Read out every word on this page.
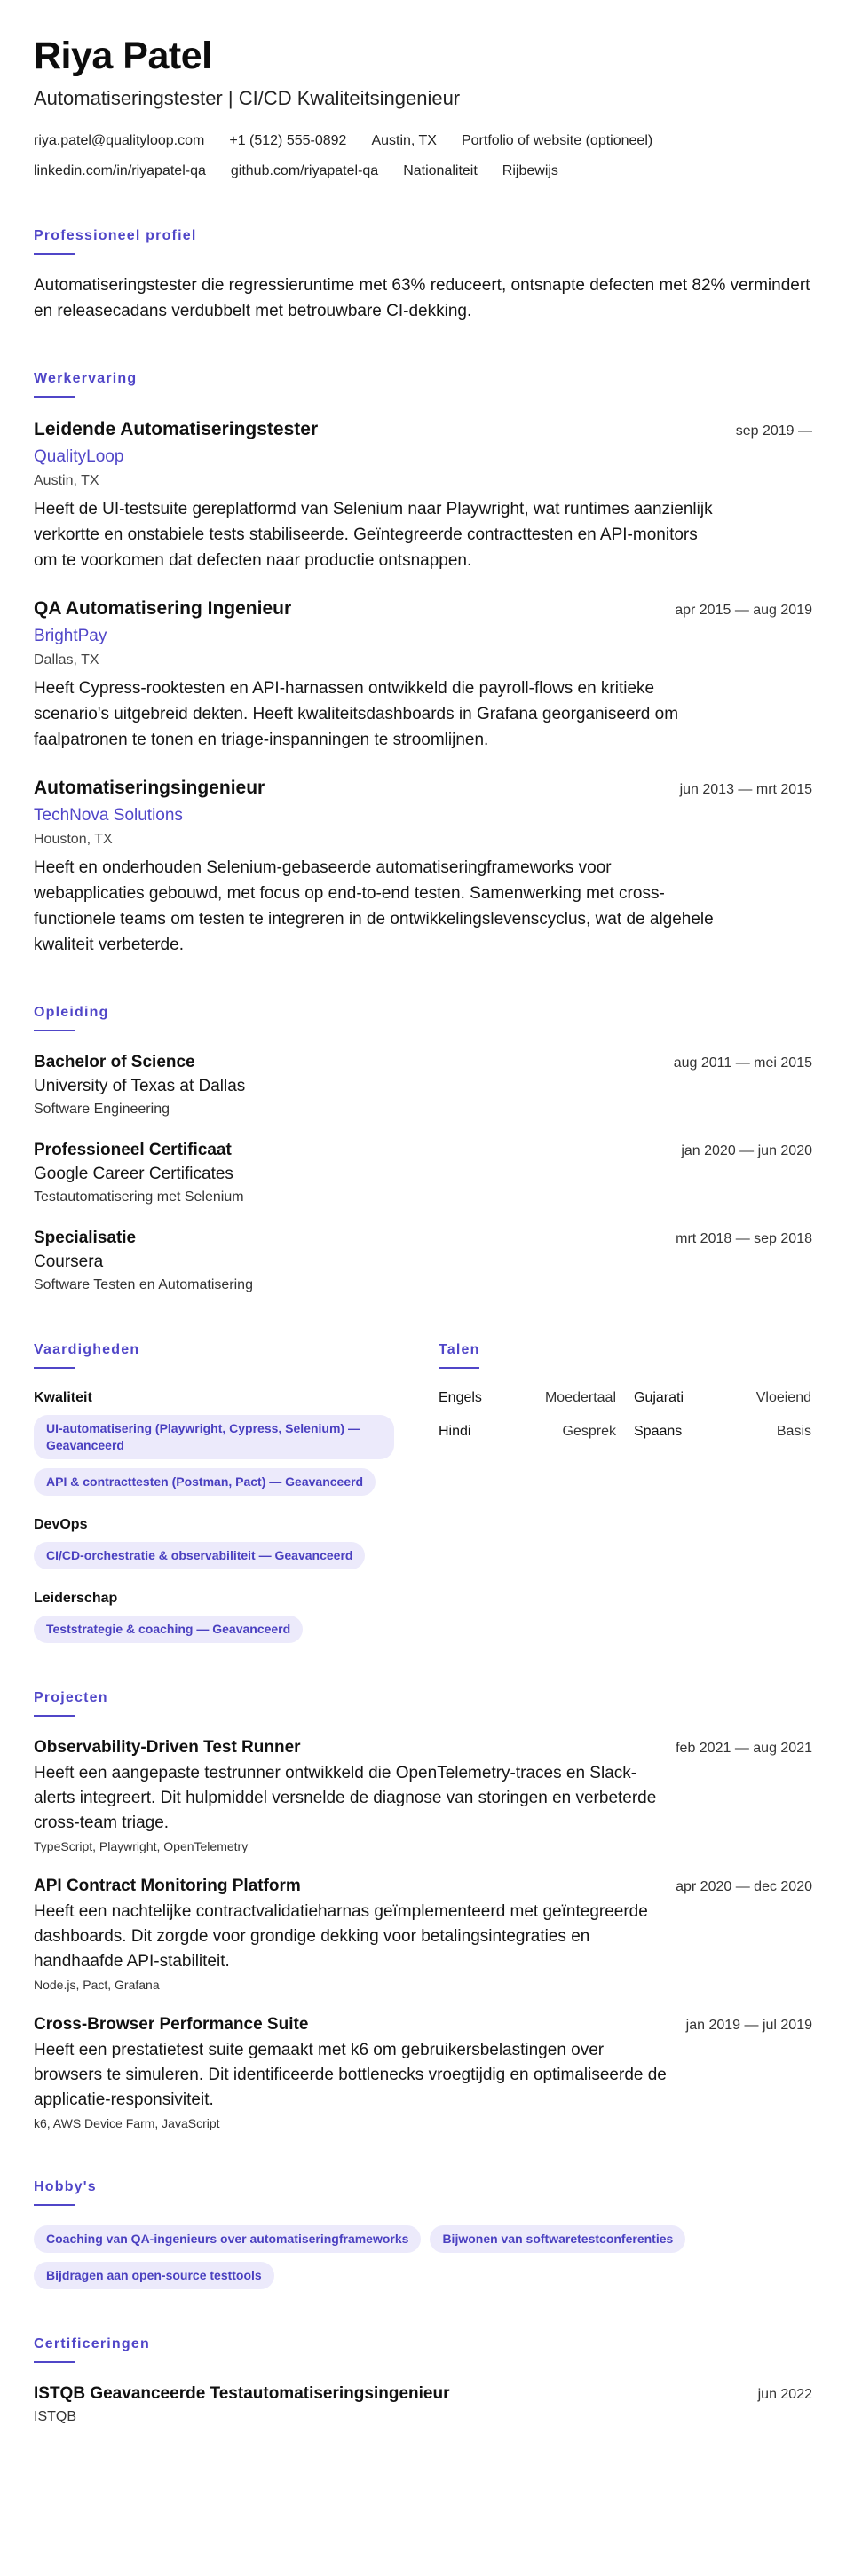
Riya Patel
Automatiseringstester | CI/CD Kwaliteitsingenieur
riya.patel@qualityloop.com +1 (512) 555-0892 Austin, TX Portfolio of website (optioneel)
linkedin.com/in/riyapatel-qa github.com/riyapatel-qa Nationaliteit Rijbewijs
Professioneel profiel

Automatiseringstester die regressieruntime met 63% reduceert, ontsnapte defecten met 82% vermindert en releasecadans verdubbelt met betrouwbare CI-dekking.

Werkervaring
Leidende Automatiseringstester	sep 2019 —
QualityLoop
Austin, TX

Heeft de UI-testsuite gereplatformd van Selenium naar Playwright, wat runtimes aanzienlijk verkortte en onstabiele tests stabiliseerde. Geïntegreerde contracttesten en API-monitors om te voorkomen dat defecten naar productie ontsnappen.

QA Automatisering Ingenieur	apr 2015 — aug 2019
BrightPay
Dallas, TX

Heeft Cypress-rooktesten en API-harnassen ontwikkeld die payroll-flows en kritieke scenario's uitgebreid dekten. Heeft kwaliteitsdashboards in Grafana georganiseerd om faalpatronen te tonen en triage-inspanningen te stroomlijnen.

Automatiseringsingenieur	jun 2013 — mrt 2015
TechNova Solutions
Houston, TX

Heeft en onderhouden Selenium-gebaseerde automatiseringframeworks voor webapplicaties gebouwd, met focus op end-to-end testen. Samenwerking met cross-functionele teams om testen te integreren in de ontwikkelingslevenscyclus, wat de algehele kwaliteit verbeterde.

Opleiding
Bachelor of Science	aug 2011 — mei 2015
University of Texas at Dallas
Software Engineering
Professioneel Certificaat	jan 2020 — jun 2020
Google Career Certificates
Testautomatisering met Selenium
Specialisatie	mrt 2018 — sep 2018
Coursera
Software Testen en Automatisering
Vaardigheden
Kwaliteit
UI-automatisering (Playwright, Cypress, Selenium) — Geavanceerd
API & contracttesten (Postman, Pact) — Geavanceerd
DevOps
CI/CD-orchestratie & observabiliteit — Geavanceerd
Leiderschap
Teststrategie & coaching — Geavanceerd
Talen
Engels	Moedertaal Gujarati	Vloeiend
Hindi	Gesprek Spaans	Basis
Projecten
Observability-Driven Test Runner	feb 2021 — aug 2021

Heeft een aangepaste testrunner ontwikkeld die OpenTelemetry-traces en Slack-alerts integreert. Dit hulpmiddel versnelde de diagnose van storingen en verbeterde cross-team triage.

TypeScript, Playwright, OpenTelemetry
API Contract Monitoring Platform	apr 2020 — dec 2020

Heeft een nachtelijke contractvalidatieharnas geïmplementeerd met geïntegreerde dashboards. Dit zorgde voor grondige dekking voor betalingsintegraties en handhaafde API-stabiliteit.

Node.js, Pact, Grafana
Cross-Browser Performance Suite	jan 2019 — jul 2019

Heeft een prestatietest suite gemaakt met k6 om gebruikersbelastingen over browsers te simuleren. Dit identificeerde bottlenecks vroegtijdig en optimaliseerde de applicatie-responsiviteit.

k6, AWS Device Farm, JavaScript
Hobby's
Coaching van QA-ingenieurs over automatiseringframeworks	Bijwonen van softwaretestconferenties
Bijdragen aan open-source testtools
Certificeringen
ISTQB Geavanceerde Testautomatiseringsingenieur	jun 2022
ISTQB
